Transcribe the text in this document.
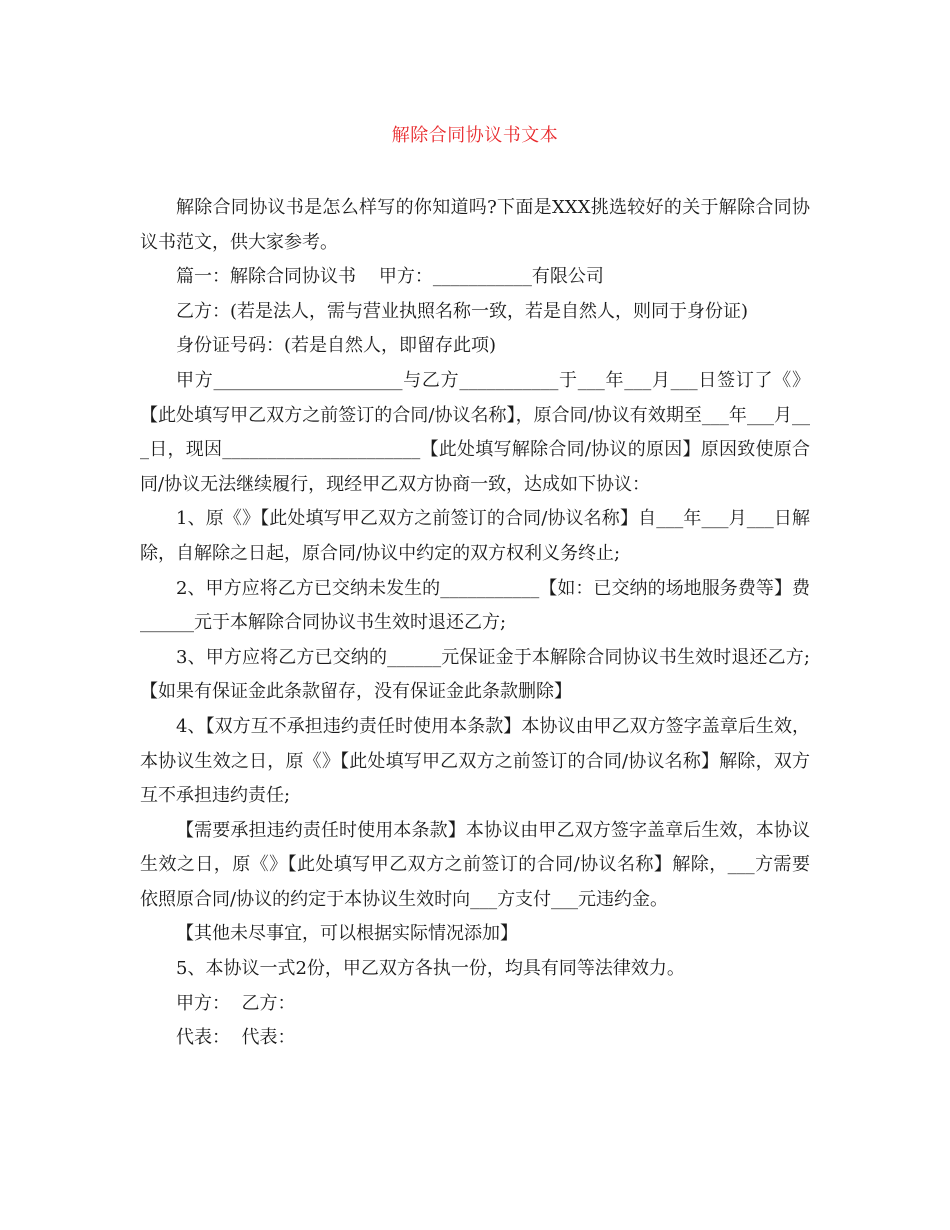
解除合同协议书文本

解除合同协议书是怎么样写的你知道吗?下面是XXX挑选较好的关于解除合同协议书范文，供大家参考。

篇一：解除合同协议书    甲方：___________有限公司

乙方：(若是法人，需与营业执照名称一致，若是自然人，则同于身份证)

身份证号码：(若是自然人，即留存此项)

甲方_____________________与乙方___________于___年___月___日签订了《》【此处填写甲乙双方之前签订的合同/协议名称】，原合同/协议有效期至___年___月___日，现因______________________【此处填写解除合同/协议的原因】原因致使原合同/协议无法继续履行，现经甲乙双方协商一致，达成如下协议：

1、原《》【此处填写甲乙双方之前签订的合同/协议名称】自___年___月___日解除，自解除之日起，原合同/协议中约定的双方权利义务终止;

2、甲方应将乙方已交纳未发生的___________【如：已交纳的场地服务费等】费______元于本解除合同协议书生效时退还乙方;

3、甲方应将乙方已交纳的______元保证金于本解除合同协议书生效时退还乙方;【如果有保证金此条款留存，没有保证金此条款删除】

4、【双方互不承担违约责任时使用本条款】本协议由甲乙双方签字盖章后生效，本协议生效之日，原《》【此处填写甲乙双方之前签订的合同/协议名称】解除，双方互不承担违约责任;

【需要承担违约责任时使用本条款】本协议由甲乙双方签字盖章后生效，本协议生效之日，原《》【此处填写甲乙双方之前签订的合同/协议名称】解除，___方需要依照原合同/协议的约定于本协议生效时向___方支付___元违约金。

【其他未尽事宜，可以根据实际情况添加】

5、本协议一式2份，甲乙双方各执一份，均具有同等法律效力。

甲方：  乙方：

代表：  代表：
